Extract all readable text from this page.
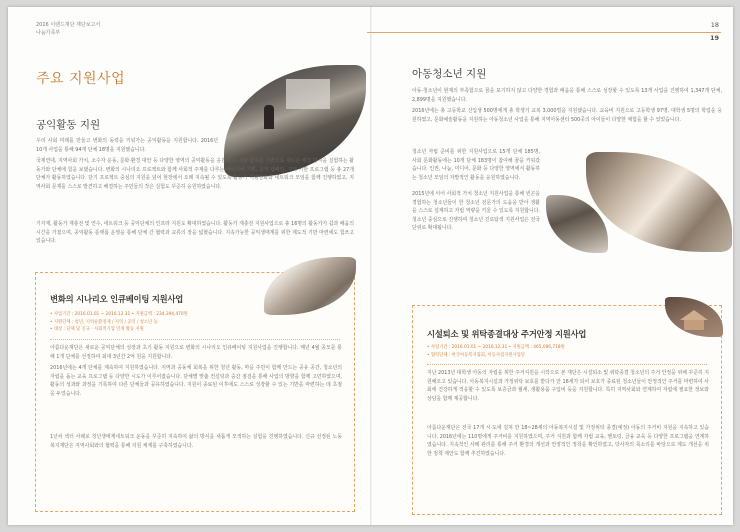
2016 이랜드재단 재단보고서
나눔가족부
18
19
주요 지원사업
공익활동 지원
우리 사회 미래를 만들고 변화의 동력을 키워가는 공익활동을 지원합니다. 2016년 10개 사업을 통해 94개 단체 18명을 지원했습니다.
국제연대, 지역사회 가치, 소수자 운동, 문화·환경 대안 등 다양한 영역의 공익활동을 응원하고, 시민 참여를 기반으로 새로운 해결 방식을 실험하는 활동가와 단체에 힘을 보탰습니다. 변화의 시나리오 프로젝트와 함께 사회적 주제를 다루는 아이디어 기획, 공익 캠페인, 지역 기반 프로그램 등 총 27개 단체가 활동하였습니다. 단기 프로젝트 중심의 지원을 넘어 현장에서 오래 지속될 수 있도록 활동가 역량강화와 네트워크 모임을 함께 진행하였고, 지역사회 문제를 스스로 발견하고 해결하는 주민들의 작은 실험도 꾸준히 응원하였습니다.
기자재, 활동가 재충전 및 연수, 네트워크 등 공익단체의 인프라 지원도 확대하였습니다. 활동가 재충전 지원사업으로 총 16명의 활동가가 쉼과 배움의 시간을 가졌으며, 공익활동 플랫폼 운영을 통해 단체 간 협력과 교류의 장을 넓혔습니다. 지속가능한 공익생태계를 위한 제도적 기반 마련에도 힘쓰고 있습니다.
변화의 시나리오 인큐베이팅 지원사업
• 사업기간 : 2016.01.01 ~ 2016.12.31 • 지원금액 : 234,394,470원
• 지원단체 : 청년, 지역순환경제 / 지역 / 공익 / 청소년 등
• 대상 : 단체 및 신규 · 사회적기업 연계 활동 지원
아름다운재단은 새로운 공익단체의 성장과 초기 활동 지원으로 변화의 시나리오 인큐베이팅 지원사업을 진행합니다. 매년 4월 공모를 통해 1개 단체를 선정하여 최대 3년간 2억 원을 지원합니다.
2016년에는 4개 단체를 계속하여 지원하였습니다. 지역과 공동체 회복을 위한 청년 활동, 마을 주민이 함께 만드는 공유 공간, 청소년의 자립을 돕는 교육 프로그램 등 다양한 시도가 이루어졌습니다. 단체별 맞춤 컨설팅과 중간 점검을 통해 사업의 방향을 함께 고민하였으며, 활동의 성과와 과정을 기록하여 다른 단체들과 공유하였습니다. 지원이 종료된 이후에도 스스로 성장할 수 있는 기반을 마련하는 데 초점을 두었습니다.
1년차 섹터 사례로 청년생태계네트워크 운동을 꾸준히 지속하여 삶의 방식을 새롭게 모색하는 실험을 진행하였습니다. 신규 선정된 노동복지재단은 지역사회와의 협력을 통해 지원 체계를 구축하였습니다.
아동청소년 지원
아동·청소년이 현재의 부족함으로 꿈을 포기하지 않고 다양한 경험과 배움을 통해 스스로 성장할 수 있도록 13개 사업을 진행하여 1,347개 단체, 2,899명을 지원했습니다.
2016년에는 총 고등학교 신입생 500명에게 총 학생기 교복 3,000벌을 지원했습니다. 교육비 지원으로 고등학생 97명, 대학생 5명의 학업을 응원하였고, 문화예술활동을 지원하는 아동청소년 사업을 통해 지역아동센터 500곳의 아이들이 다양한 체험을 할 수 있었습니다.
청소년 자립 준비를 위한 지원사업으로 15개 단체 185명, 사회 문화활동에는 10개 단체 183명이 참여해 꿈을 키워갔습니다. 인권, 나눔, 미디어, 문화 등 다양한 영역에서 활동하는 청소년 모임의 자발적인 활동을 응원하였습니다.
2015년에 이어 사회적 가치 청소년 지원사업을 통해 빈곤을 경험하는 청소년들이 한 청소년 전문가의 도움을 받아 생활을 스스로 설계하고 자립 역량을 키울 수 있도록 지원합니다. 청소년 중심으로 진행하며 청소년 진로탐색 지원사업은 전국 단위로 확대됩니다.
시설퇴소 및 위탁종결대상 주거안정 지원사업
• 사업기간 : 2016.01.01 ~ 2016.12.31 • 지원금액 : 465,096,718원
• 협력단체 : 한국아동복지협회, 아동자립지원사업단
지난 2013년 대학생 아동의 자립을 위한 주거지원을 시작으로 본 재단은 시설퇴소 및 위탁종결 청소년의 주거 안정을 위해 꾸준히 지원해오고 있습니다. 아동복지시설과 가정위탁 보호를 받다가 만 18세가 되어 보호가 종료된 청소년들이 안정적인 주거를 마련하여 사회에 건강하게 적응할 수 있도록 보증금과 월세, 생활용품 구입비 등을 지원합니다. 특히 지역사회와 연계하여 자립에 필요한 정보와 상담을 함께 제공합니다.
아름다운재단은 전국 17개 시·도에 걸쳐 만 18~28세의 아동복지시설 및 가정위탁 종결(예정) 아동의 주거비 지원을 지속하고 있습니다. 2016년에는 110명에게 주거비를 지원하였으며, 주거 지원과 함께 자립 교육, 멘토링, 금융 교육 등 다양한 프로그램을 연계하였습니다. 지속적인 사례 관리를 통해 주거 환경의 개선과 안정적인 정착을 확인하였고, 당사자의 목소리를 바탕으로 제도 개선을 위한 정책 제안도 함께 추진하였습니다.
